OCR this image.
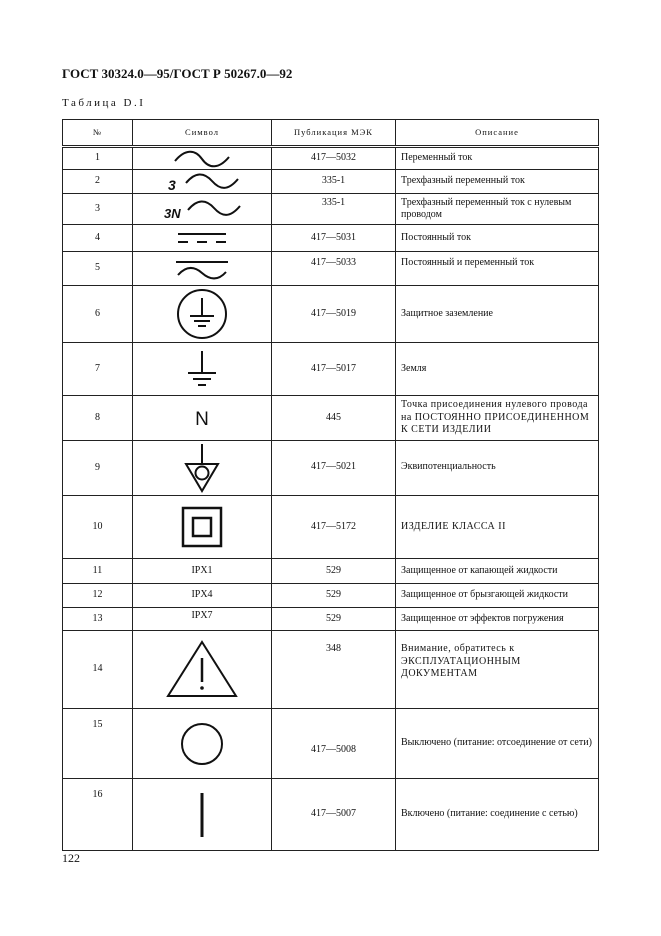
ГОСТ 30324.0—95/ГОСТ Р 50267.0—92
Таблица D.I
№	Символ	Публикация МЭК	Описание
1		417—5032	Переменный ток
2	3	335-1	Трехфазный переменный ток
3	3N	335-1	Трехфазный переменный ток с нулевым проводом
4		417—5031	Постоянный ток
5		417—5033	Постоянный и переменный ток
6		417—5019	Защитное заземление
7		417—5017	Земля
8	N	445	Точка присоединения нулевого провода на ПОСТОЯННО ПРИСОЕДИНЕННОМ К СЕТИ ИЗДЕЛИИ
9		417—5021	Эквипотенциальность
10		417—5172	ИЗДЕЛИЕ КЛАССА II
11	IPX1	529	Защищенное от капающей жидкости
12	IPX4	529	Защищенное от брызгающей жидкости
13	IPX7	529	Защищенное от эффектов погружения
14		348	Внимание, обратитесь к ЭКСПЛУАТАЦИОННЫМ ДОКУМЕНТАМ
15		417—5008	Выключено (питание: отсоединение от сети)
16		417—5007	Включено (питание: соединение с сетью)
122
